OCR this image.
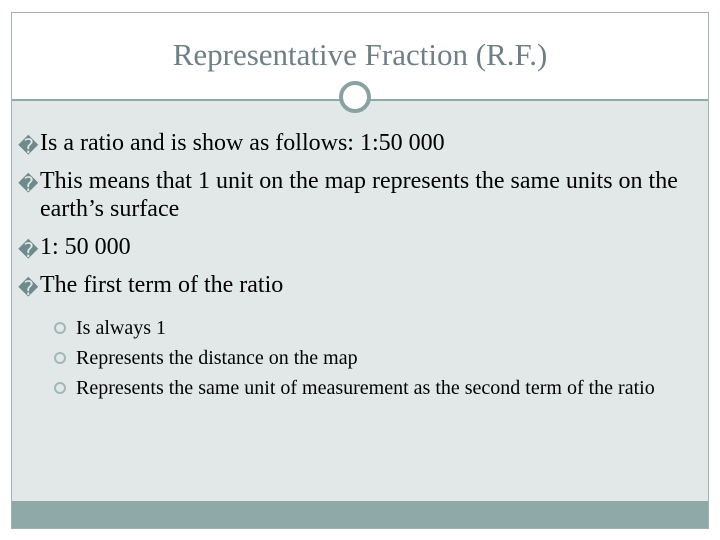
Representative Fraction (R.F.)
� Is a ratio and is show as follows: 1:50 000
� This means that 1 unit on the map represents the same units on the earth’s surface
� 1: 50 000
� The first term of the ratio
Is always 1
Represents the distance on the map
Represents the same unit of measurement as the second term of the ratio
